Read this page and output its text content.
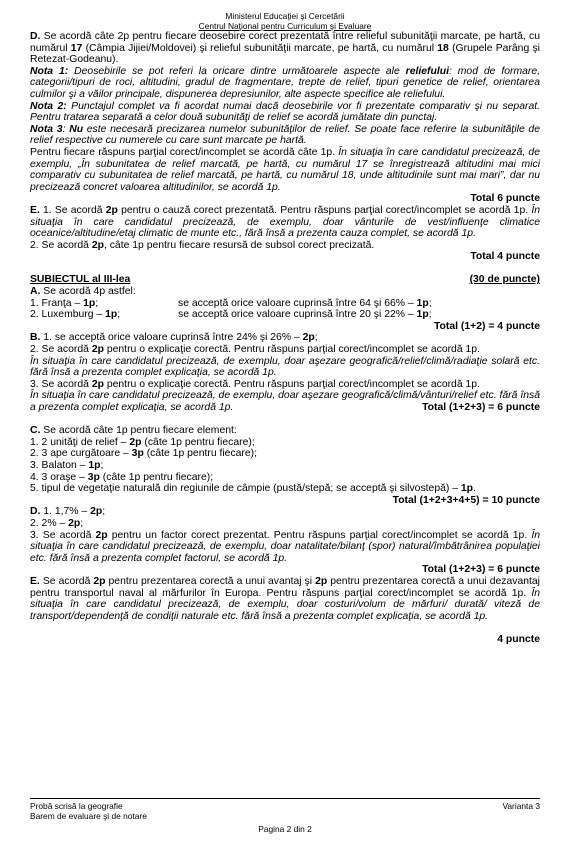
Ministerul Educaţiei şi Cercetării
Centrul Naţional pentru Curriculum şi Evaluare

D. Se acordă câte 2p pentru fiecare deosebire corect prezentată între relieful subunităţii marcate, pe hartă, cu numărul 17 (Câmpia Jijiei/Moldovei) şi relieful subunităţii marcate, pe hartă, cu numărul 18 (Grupele Parâng şi Retezat-Godeanu).

Nota 1: Deosebirile se pot referi la oricare dintre următoarele aspecte ale reliefului: mod de formare, categorii/tipuri de roci, altitudini, gradul de fragmentare, trepte de relief, tipuri genetice de relief, orientarea culmilor şi a văilor principale, dispunerea depresiunilor, alte aspecte specifice ale reliefului.

Nota 2: Punctajul complet va fi acordat numai dacă deosebirile vor fi prezentate comparativ şi nu separat. Pentru tratarea separată a celor două subunităţi de relief se acordă jumătate din punctaj.

Nota 3: Nu este necesară precizarea numelor subunităţilor de relief. Se poate face referire la subunităţile de relief respective cu numerele cu care sunt marcate pe hartă.

Pentru fiecare răspuns parţial corect/incomplet se acordă câte 1p. În situaţia în care candidatul precizează, de exemplu, „În subunitatea de relief marcată, pe hartă, cu numărul 17 se înregistrează altitudini mai mici comparativ cu subunitatea de relief marcată, pe hartă, cu numărul 18, unde altitudinile sunt mai mari”, dar nu precizează concret valoarea altitudinilor, se acordă 1p.

Total 6 puncte

E. 1. Se acordă 2p pentru o cauză corect prezentată. Pentru răspuns parţial corect/incomplet se acordă 1p. În situaţia în care candidatul precizează, de exemplu, doar vânturile de vest/influenţe climatice oceanice/altitudine/etaj climatic de munte etc., fără însă a prezenta cauza complet, se acordă 1p.

2. Se acordă 2p, câte 1p pentru fiecare resursă de subsol corect precizată.

Total 4 puncte
SUBIECTUL al III-lea	(30 de puncte)

A. Se acordă 4p astfel:

1. Franţa – 1p;	se acceptă orice valoare cuprinsă între 64 şi 66% – 1p;
2. Luxemburg – 1p;	se acceptă orice valoare cuprinsă între 20 şi 22% – 1p;
Total (1+2) = 4 puncte

B. 1. se acceptă orice valoare cuprinsă între 24% şi 26% – 2p;

2. Se acordă 2p pentru o explicaţie corectă. Pentru răspuns parţial corect/incomplet se acordă 1p.

În situaţia în care candidatul precizează, de exemplu, doar aşezare geografică/relief/climă/radiaţie solară etc. fără însă a prezenta complet explicaţia, se acordă 1p.

3. Se acordă 2p pentru o explicaţie corectă. Pentru răspuns parţial corect/incomplet se acordă 1p.

În situaţia în care candidatul precizează, de exemplu, doar aşezare geografică/climă/vânturi/relief etc. fără însă a prezenta complet explicaţia, se acordă 1p.	Total (1+2+3) = 6 puncte

C. Se acordă câte 1p pentru fiecare element:

1. 2 unităţi de relief – 2p (câte 1p pentru fiecare);

2. 3 ape curgătoare – 3p (câte 1p pentru fiecare);

3. Balaton – 1p;

4. 3 oraşe – 3p (câte 1p pentru fiecare);

5. tipul de vegetaţie naturală din regiunile de câmpie (pustă/stepă; se acceptă şi silvostepă) – 1p.

Total (1+2+3+4+5) = 10 puncte

D. 1. 1,7% – 2p;

2. 2% – 2p;

3. Se acordă 2p pentru un factor corect prezentat. Pentru răspuns parţial corect/incomplet se acordă 1p. În situaţia în care candidatul precizează, de exemplu, doar natalitate/bilanţ (spor) natural/îmbătrânirea populaţiei etc. fără însă a prezenta complet factorul, se acordă 1p.

Total (1+2+3) = 6 puncte

E. Se acordă 2p pentru prezentarea corectă a unui avantaj şi 2p pentru prezentarea corectă a unui dezavantaj pentru transportul naval al mărfurilor în Europa. Pentru răspuns parţial corect/incomplet se acordă 1p. În situaţia în care candidatul precizează, de exemplu, doar costuri/volum de mărfuri/ durată/ viteză de transport/dependenţă de condiţii naturale etc. fără însă a prezenta complet explicaţia, se acordă 1p.

4 puncte
Probă scrisă la geografie	Varianta 3
Barem de evaluare şi de notare
Pagina 2 din 2
